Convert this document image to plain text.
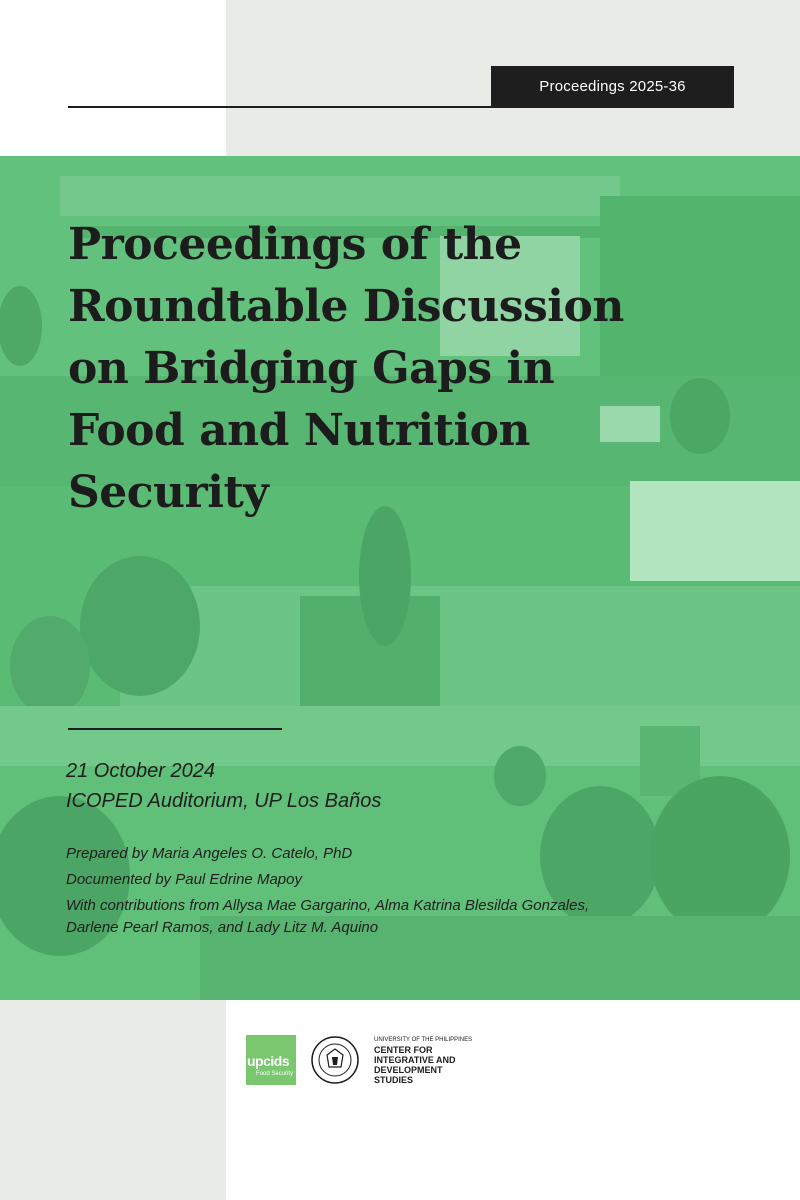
Proceedings 2025-36
Proceedings of the
Roundtable Discussion
on Bridging Gaps in
Food and Nutrition
Security
21 October 2024
ICOPED Auditorium, UP Los Baños
Prepared by Maria Angeles O. Catelo, PhD
Documented by Paul Edrine Mapoy
With contributions from Allysa Mae Gargarino, Alma Katrina Blesilda Gonzales,
Darlene Pearl Ramos, and Lady Litz M. Aquino
upcids
Food Security
UNIVERSITY OF THE PHILIPPINES
CENTER FOR
INTEGRATIVE AND
DEVELOPMENT
STUDIES
